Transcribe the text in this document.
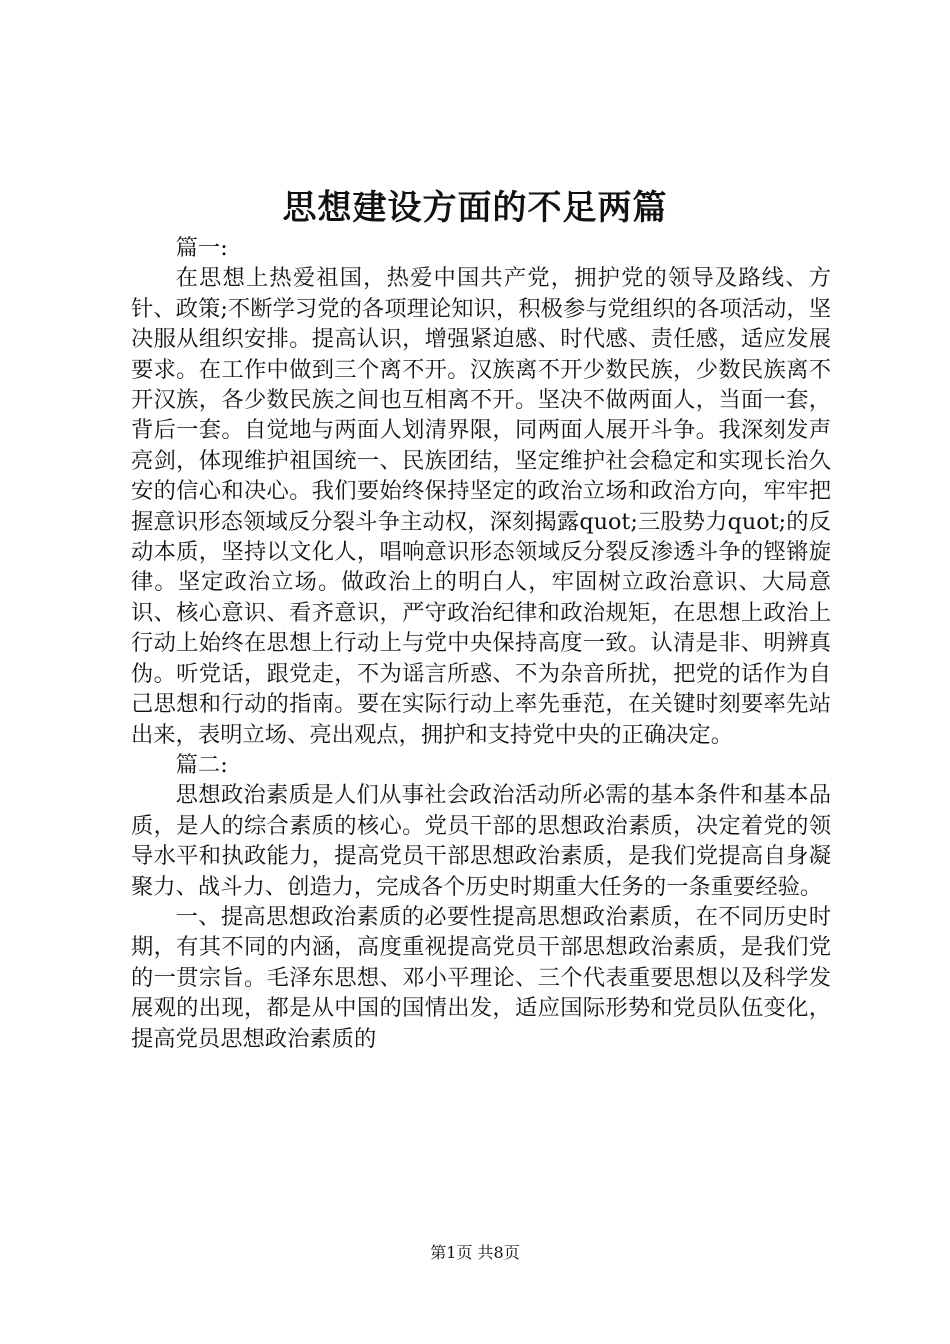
思想建设方面的不足两篇

篇一:

在思想上热爱祖国，热爱中国共产党，拥护党的领导及路线、方针、政策;不断学习党的各项理论知识，积极参与党组织的各项活动，坚决服从组织安排。提高认识，增强紧迫感、时代感、责任感，适应发展要求。在工作中做到三个离不开。汉族离不开少数民族，少数民族离不开汉族，各少数民族之间也互相离不开。坚决不做两面人，当面一套，背后一套。自觉地与两面人划清界限，同两面人展开斗争。我深刻发声亮剑，体现维护祖国统一、民族团结，坚定维护社会稳定和实现长治久安的信心和决心。我们要始终保持坚定的政治立场和政治方向，牢牢把握意识形态领域反分裂斗争主动权，深刻揭露quot;三股势力quot;的反动本质，坚持以文化人，唱响意识形态领域反分裂反渗透斗争的铿锵旋律。坚定政治立场。做政治上的明白人，牢固树立政治意识、大局意识、核心意识、看齐意识，严守政治纪律和政治规矩，在思想上政治上行动上始终在思想上行动上与党中央保持高度一致。认清是非、明辨真伪。听党话，跟党走，不为谣言所惑、不为杂音所扰，把党的话作为自己思想和行动的指南。要在实际行动上率先垂范，在关键时刻要率先站出来，表明立场、亮出观点，拥护和支持党中央的正确决定。

篇二:

思想政治素质是人们从事社会政治活动所必需的基本条件和基本品质，是人的综合素质的核心。党员干部的思想政治素质，决定着党的领导水平和执政能力，提高党员干部思想政治素质，是我们党提高自身凝聚力、战斗力、创造力，完成各个历史时期重大任务的一条重要经验。

一、提高思想政治素质的必要性提高思想政治素质，在不同历史时期，有其不同的内涵，高度重视提高党员干部思想政治素质，是我们党的一贯宗旨。毛泽东思想、邓小平理论、三个代表重要思想以及科学发展观的出现，都是从中国的国情出发，适应国际形势和党员队伍变化，提高党员思想政治素质的

第1页 共8页
